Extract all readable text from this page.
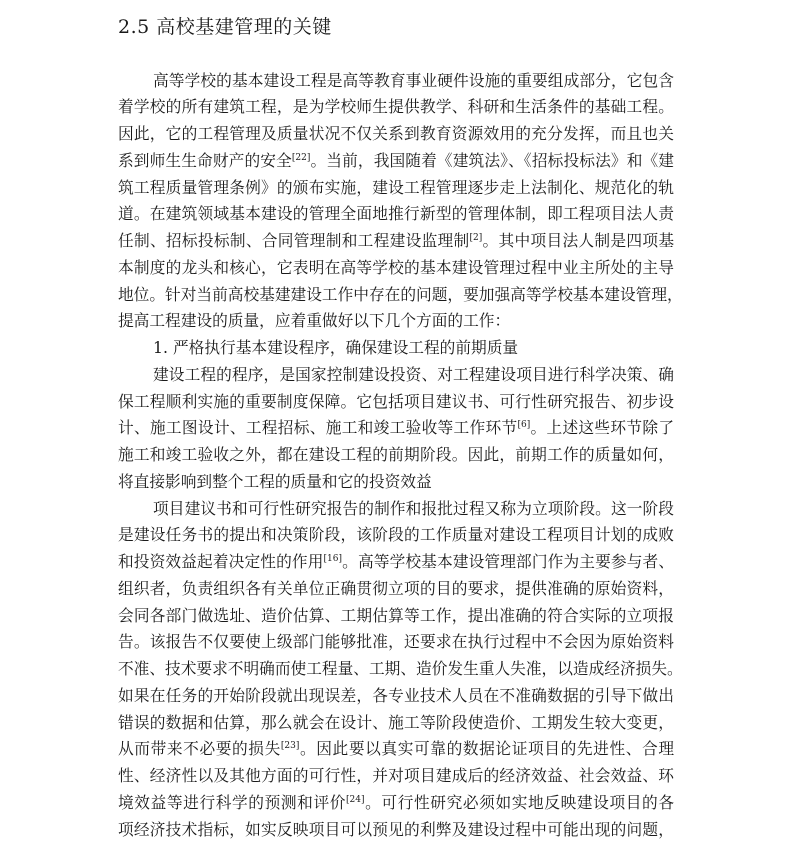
2.5 高校基建管理的关键
高等学校的基本建设工程是高等教育事业硬件设施的重要组成部分，它包含
着学校的所有建筑工程，是为学校师生提供教学、科研和生活条件的基础工程。
因此，它的工程管理及质量状况不仅关系到教育资源效用的充分发挥，而且也关
系到师生生命财产的安全[22]。当前，我国随着《建筑法》、《招标投标法》和《建
筑工程质量管理条例》的颁布实施，建设工程管理逐步走上法制化、规范化的轨
道。在建筑领域基本建设的管理全面地推行新型的管理体制，即工程项目法人责
任制、招标投标制、合同管理制和工程建设监理制[2]。其中项目法人制是四项基
本制度的龙头和核心，它表明在高等学校的基本建设管理过程中业主所处的主导
地位。针对当前高校基建建设工作中存在的问题，要加强高等学校基本建设管理，
提高工程建设的质量，应着重做好以下几个方面的工作：
1. 严格执行基本建设程序，确保建设工程的前期质量
建设工程的程序，是国家控制建设投资、对工程建设项目进行科学决策、确
保工程顺利实施的重要制度保障。它包括项目建议书、可行性研究报告、初步设
计、施工图设计、工程招标、施工和竣工验收等工作环节[6]。上述这些环节除了
施工和竣工验收之外，都在建设工程的前期阶段。因此，前期工作的质量如何，
将直接影响到整个工程的质量和它的投资效益
项目建议书和可行性研究报告的制作和报批过程又称为立项阶段。这一阶段
是建设任务书的提出和决策阶段，该阶段的工作质量对建设工程项目计划的成败
和投资效益起着决定性的作用[16]。高等学校基本建设管理部门作为主要参与者、
组织者，负责组织各有关单位正确贯彻立项的目的要求，提供准确的原始资料，
会同各部门做选址、造价估算、工期估算等工作，提出准确的符合实际的立项报
告。该报告不仅要使上级部门能够批准，还要求在执行过程中不会因为原始资料
不准、技术要求不明确而使工程量、工期、造价发生重人失准，以造成经济损失。
如果在任务的开始阶段就出现误差，各专业技术人员在不准确数据的引导下做出
错误的数据和估算，那么就会在设计、施工等阶段使造价、工期发生较大变更，
从而带来不必要的损失[23]。因此要以真实可靠的数据论证项目的先进性、合理
性、经济性以及其他方面的可行性，并对项目建成后的经济效益、社会效益、环
境效益等进行科学的预测和评价[24]。可行性研究必须如实地反映建设项目的各
项经济技术指标，如实反映项目可以预见的利弊及建设过程中可能出现的问题，
